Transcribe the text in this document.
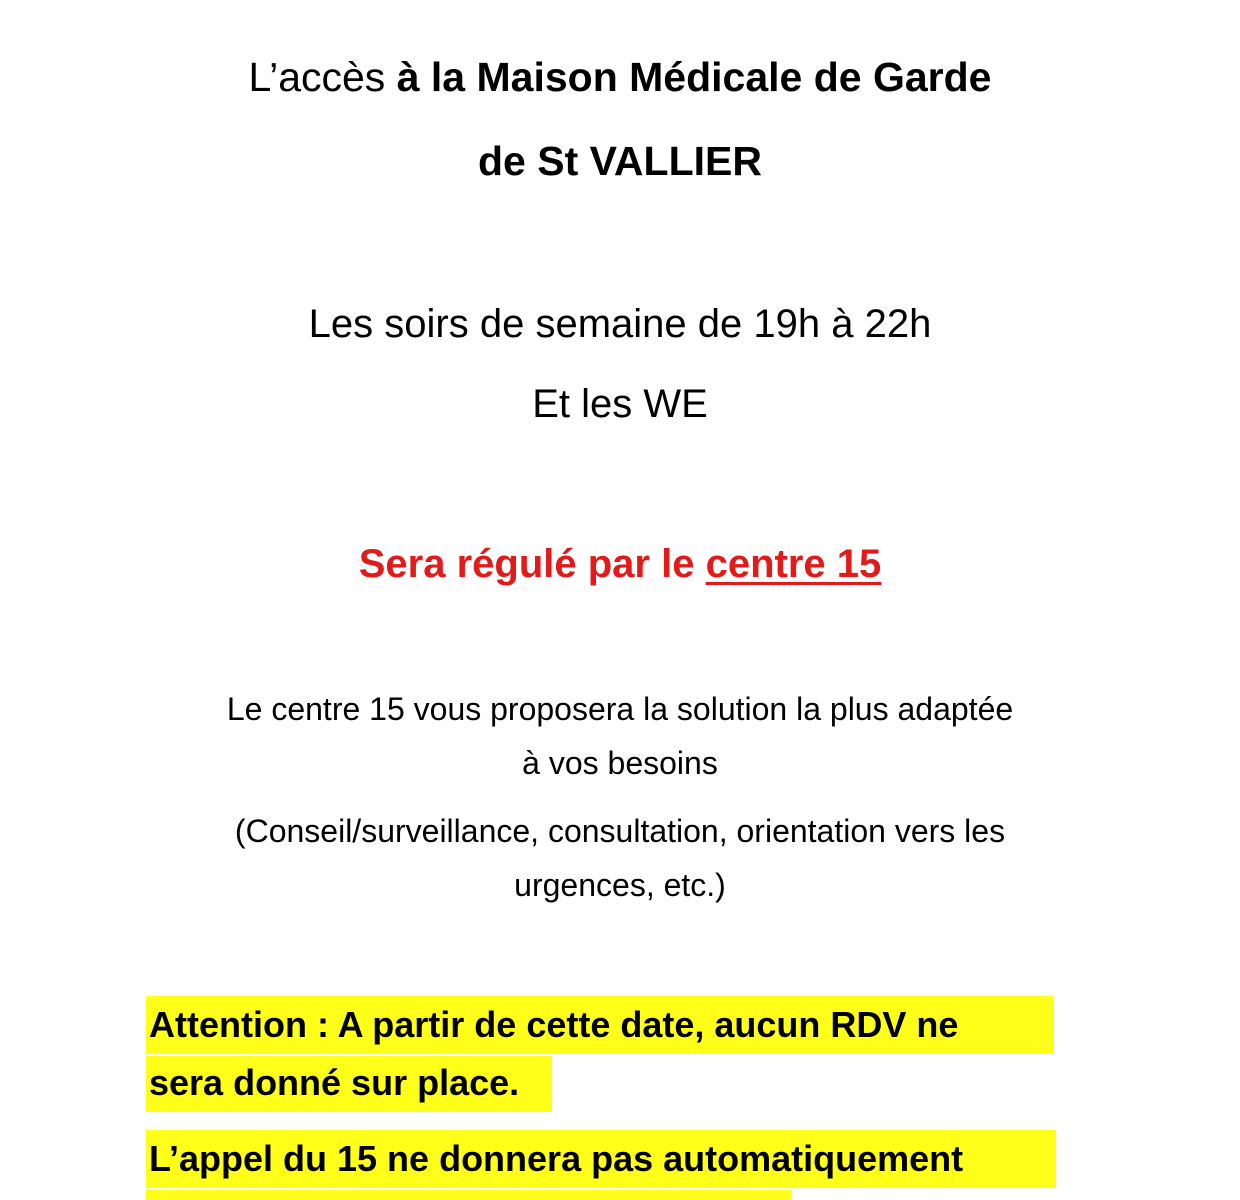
L’accès à la Maison Médicale de Garde
de St VALLIER
Les soirs de semaine de 19h à 22h
Et les WE
Sera régulé par le centre 15
Le centre 15 vous proposera la solution la plus adaptée
à vos besoins
(Conseil/surveillance, consultation, orientation vers les
urgences, etc.)
Attention : A partir de cette date, aucun RDV ne
sera donné sur place.
L’appel du 15 ne donnera pas automatiquement
